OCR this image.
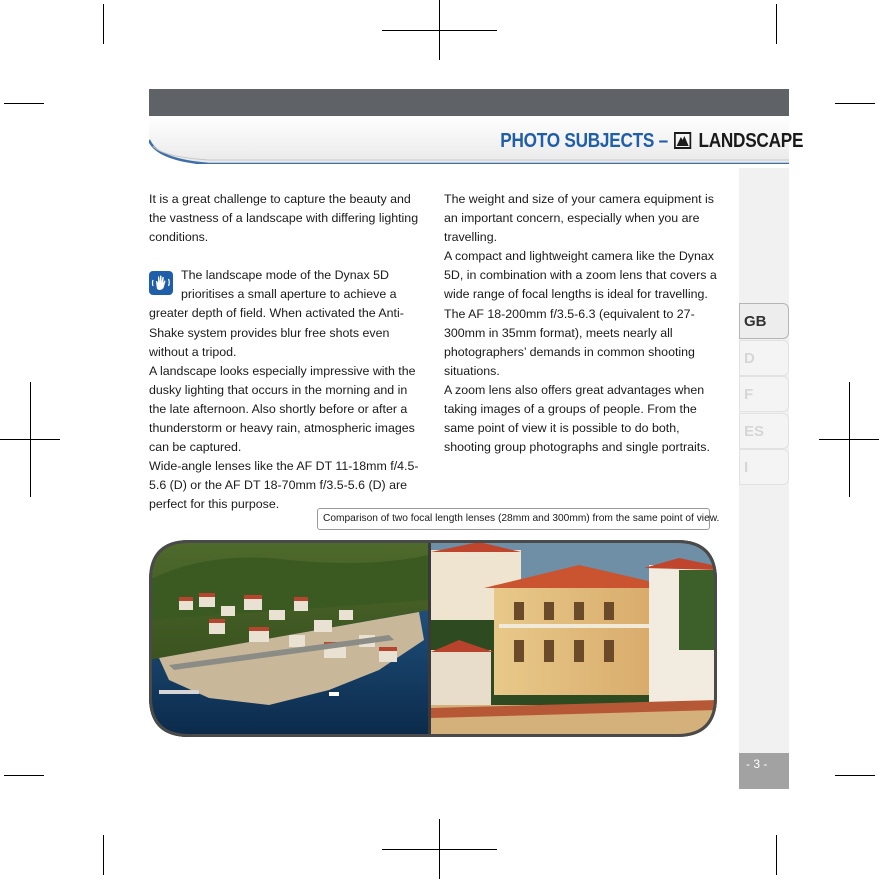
PHOTO SUBJECTS – LANDSCAPE
GB
D
F
ES
I
- 3 -

It is a great challenge to capture the beauty and the vastness of a landscape with differing lighting conditions.

The landscape mode of the Dynax 5D prioritises a small aperture to achieve a greater depth of field. When activated the Anti-Shake system provides blur free shots even without a tripod.

A landscape looks especially impressive with the dusky lighting that occurs in the morning and in the late afternoon. Also shortly before or after a thunderstorm or heavy rain, atmospheric images can be captured.

Wide-angle lenses like the AF DT 11-18mm f/4.5-5.6 (D) or the AF DT 18-70mm f/3.5-5.6 (D) are perfect for this purpose.

The weight and size of your camera equipment is an important concern, especially when you are travelling.

A compact and lightweight camera like the Dynax 5D, in combination with a zoom lens that covers a wide range of focal lengths is ideal for travelling.

The AF 18-200mm f/3.5-6.3 (equivalent to 27-300mm in 35mm format), meets nearly all photographers’ demands in common shooting situations.

A zoom lens also offers great advantages when taking images of a groups of people. From the same point of view it is possible to do both, shooting group photographs and single portraits.

Comparison of two focal length lenses (28mm and 300mm) from the same point of view.
